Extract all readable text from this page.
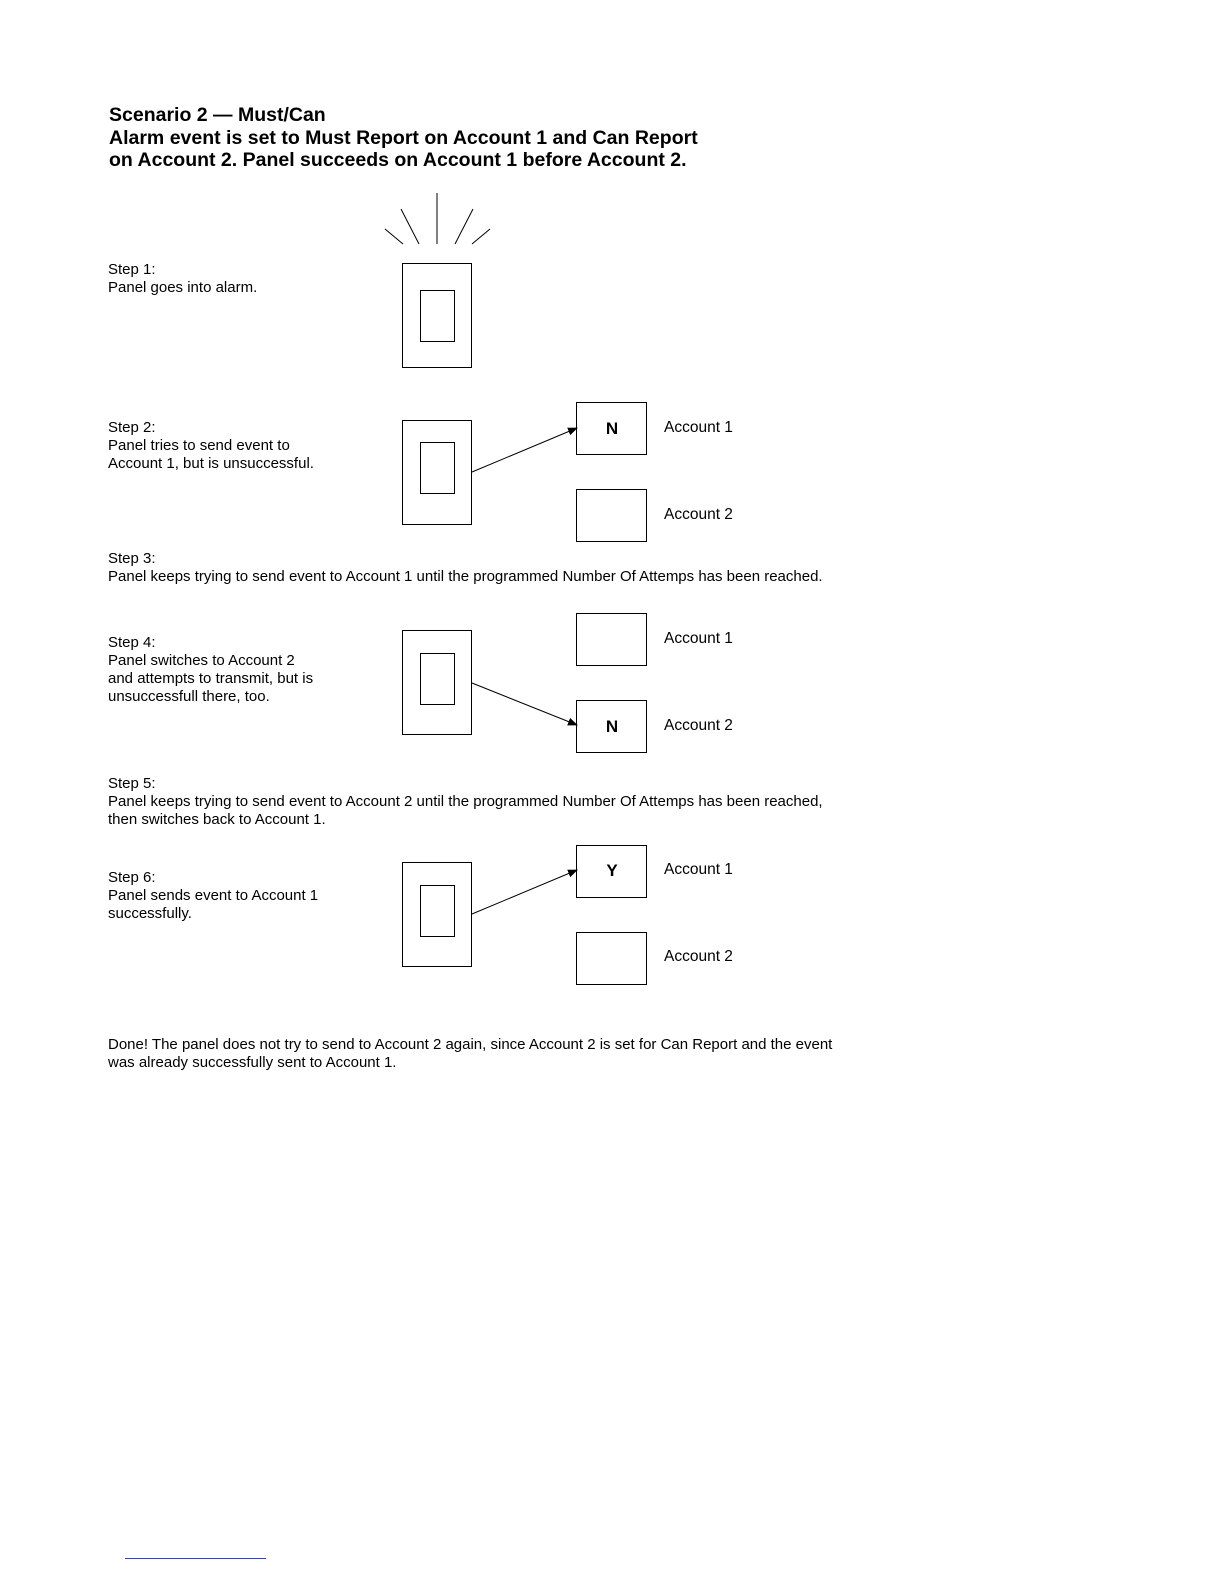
Scenario 2 — Must/Can
Alarm event is set to Must Report on Account 1 and Can Report
on Account 2. Panel succeeds on Account 1 before Account 2.
Step 1:
Panel goes into alarm.
Step 2:
Panel tries to send event to
Account 1, but is unsuccessful.
Step 3:
Panel keeps trying to send event to Account 1 until the programmed Number Of Attemps has been reached.
Step 4:
Panel switches to Account 2
and attempts to transmit, but is
unsuccessfull there, too.
Step 5:
Panel keeps trying to send event to Account 2 until the programmed Number Of Attemps has been reached,
then switches back to Account 1.
Step 6:
Panel sends event to Account 1
successfully.
Done! The panel does not try to send to Account 2 again, since Account 2 is set for Can Report and the event
was already successfully sent to Account 1.
Account 1
Account 2
Account 1
Account 2
Account 1
Account 2
N
N
Y
